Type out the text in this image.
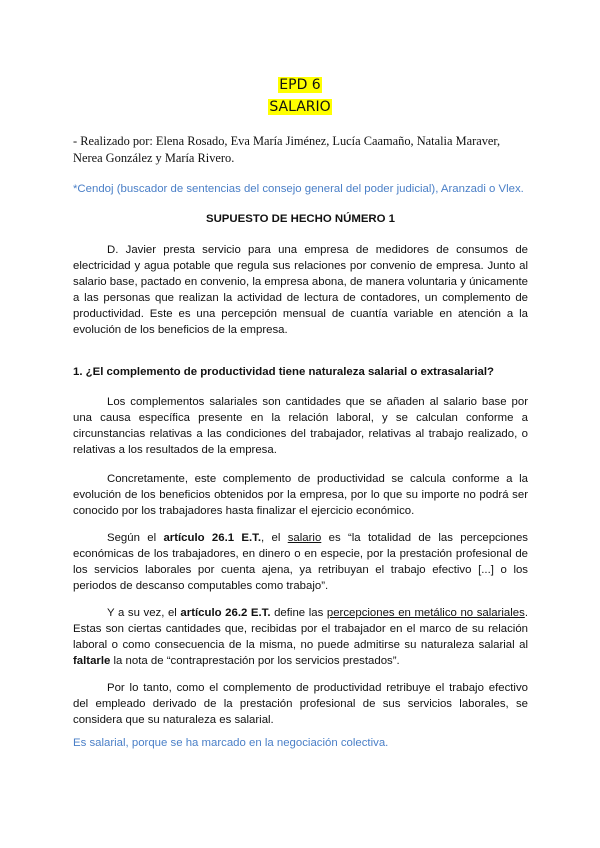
EPD 6
SALARIO
- Realizado por: Elena Rosado, Eva María Jiménez, Lucía Caamaño, Natalia Maraver, Nerea González y María Rivero.
*Cendoj (buscador de sentencias del consejo general del poder judicial), Aranzadi o Vlex.
SUPUESTO DE HECHO NÚMERO 1
D. Javier presta servicio para una empresa de medidores de consumos de electricidad y agua potable que regula sus relaciones por convenio de empresa. Junto al salario base, pactado en convenio, la empresa abona, de manera voluntaria y únicamente a las personas que realizan la actividad de lectura de contadores, un complemento de productividad. Este es una percepción mensual de cuantía variable en atención a la evolución de los beneficios de la empresa.
1. ¿El complemento de productividad tiene naturaleza salarial o extrasalarial?
Los complementos salariales son cantidades que se añaden al salario base por una causa específica presente en la relación laboral, y se calculan conforme a circunstancias relativas a las condiciones del trabajador, relativas al trabajo realizado, o relativas a los resultados de la empresa.
Concretamente, este complemento de productividad se calcula conforme a la evolución de los beneficios obtenidos por la empresa, por lo que su importe no podrá ser conocido por los trabajadores hasta finalizar el ejercicio económico.
Según el artículo 26.1 E.T., el salario es “la totalidad de las percepciones económicas de los trabajadores, en dinero o en especie, por la prestación profesional de los servicios laborales por cuenta ajena, ya retribuyan el trabajo efectivo [...] o los periodos de descanso computables como trabajo”.
Y a su vez, el artículo 26.2 E.T. define las percepciones en metálico no salariales. Estas son ciertas cantidades que, recibidas por el trabajador en el marco de su relación laboral o como consecuencia de la misma, no puede admitirse su naturaleza salarial al faltarle la nota de “contraprestación por los servicios prestados”.
Por lo tanto, como el complemento de productividad retribuye el trabajo efectivo del empleado derivado de la prestación profesional de sus servicios laborales, se considera que su naturaleza es salarial.
Es salarial, porque se ha marcado en la negociación colectiva.
